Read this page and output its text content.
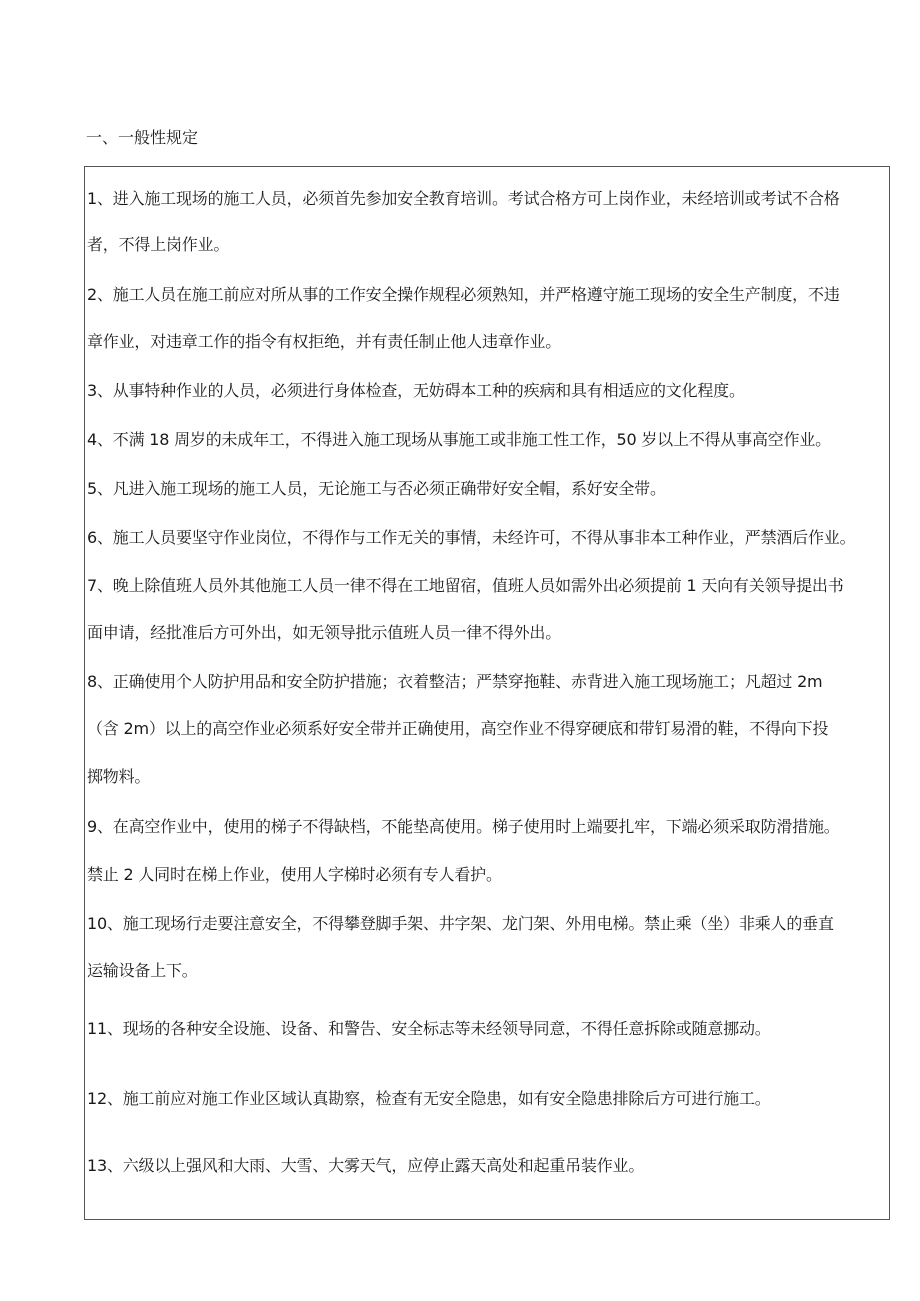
一、一般性规定
1、进入施工现场的施工人员，必须首先参加安全教育培训。考试合格方可上岗作业，未经培训或考试不合格
者，不得上岗作业。
2、施工人员在施工前应对所从事的工作安全操作规程必须熟知，并严格遵守施工现场的安全生产制度，不违
章作业，对违章工作的指令有权拒绝，并有责任制止他人违章作业。
3、从事特种作业的人员，必须进行身体检查，无妨碍本工种的疾病和具有相适应的文化程度。
4、不满 18 周岁的未成年工，不得进入施工现场从事施工或非施工性工作，50 岁以上不得从事高空作业。
5、凡进入施工现场的施工人员，无论施工与否必须正确带好安全帽，系好安全带。
6、施工人员要坚守作业岗位，不得作与工作无关的事情，未经许可，不得从事非本工种作业，严禁酒后作业。
7、晚上除值班人员外其他施工人员一律不得在工地留宿，值班人员如需外出必须提前 1 天向有关领导提出书
面申请，经批准后方可外出，如无领导批示值班人员一律不得外出。
8、正确使用个人防护用品和安全防护措施；衣着整洁；严禁穿拖鞋、赤背进入施工现场施工；凡超过 2m
（含 2m）以上的高空作业必须系好安全带并正确使用，高空作业不得穿硬底和带钉易滑的鞋，不得向下投
掷物料。
9、在高空作业中，使用的梯子不得缺档，不能垫高使用。梯子使用时上端要扎牢，下端必须采取防滑措施。
禁止 2 人同时在梯上作业，使用人字梯时必须有专人看护。
10、施工现场行走要注意安全，不得攀登脚手架、井字架、龙门架、外用电梯。禁止乘（坐）非乘人的垂直
运输设备上下。
11、现场的各种安全设施、设备、和警告、安全标志等未经领导同意，不得任意拆除或随意挪动。
12、施工前应对施工作业区域认真勘察，检查有无安全隐患，如有安全隐患排除后方可进行施工。
13、六级以上强风和大雨、大雪、大雾天气，应停止露天高处和起重吊装作业。
